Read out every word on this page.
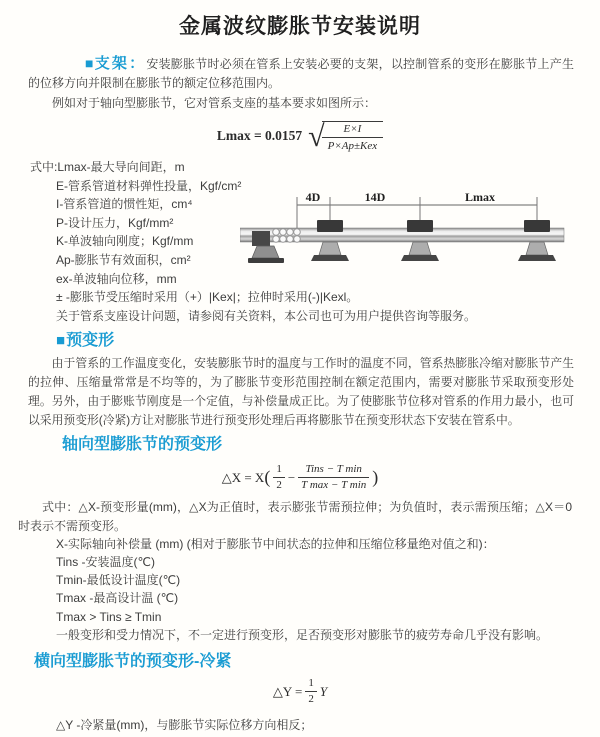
金属波纹膨胀节安装说明

■支架：安装膨胀节时必须在管系上安装必要的支架，以控制管系的变形在膨胀节上产生的位移方向并限制在膨胀节的额定位移范围内。

例如对于轴向型膨胀节，它对管系支座的基本要求如图所示：

Lmax = 0.0157 √	E×I
P×Ap±Kex
式中:Lmax-最大导向间距，m
E-管系管道材料弹性投量，Kgf/cm²
I-管系管道的惯性矩，cm⁴
P-设计压力，Kgf/mm²
K-单波轴向刚度；Kgf/mm
Ap-膨胀节有效面积，cm²
ex-单波轴向位移，mm
± -膨胀节受压缩时采用（+）|Kex|；拉伸时采用(-)|Kexl。
关于管系支座设计问题，请参阅有关资料，本公司也可为用户提供咨询等服务。
4D	14D	Lmax
■预变形

由于管系的工作温度变化，安装膨胀节时的温度与工作时的温度不同，管系热膨胀冷缩对膨胀节产生的拉伸、压缩量常常是不均等的，为了膨胀节变形范围控制在额定范围内，需要对膨胀节采取预变形处理。另外，由于膨账节刚度是一个定值，与补偿量成正比。为了使膨胀节位移对管系的作用力最小，也可以采用预变形(冷紧)方让对膨胀节进行预变形处理后再将膨胀节在预变形状态下安装在管系中。

轴向型膨胀节的预变形
△X = X ( $\frac{1}{2} - \frac{\text{Tins − T min}}{\text{T max − T min}}$ )
式中：△X-预变形量(mm)，△X为正值时，表示膨张节需预拉伸；为负值时，表示需预压缩；△X＝0时表示不需预变形。
X-实际轴向补偿量 (mm) (相对于膨胀节中间状态的拉伸和压缩位移量绝对值之和)：
Tins -安装温度(℃)
Tmin-最低设计温度(℃)
Tmax -最高设计温 (℃)
Tmax > Tins ≥ Tmin
一般变形和受力情况下，不一定进行预变形，足否预变形对膨胀节的疲劳寿命几乎没有影响。
横向型膨胀节的预变形-冷紧
△Y = $\frac{1}{2}$ Y

△Y -冷紧量(mm)，与膨胀节实际位移方向相反；
